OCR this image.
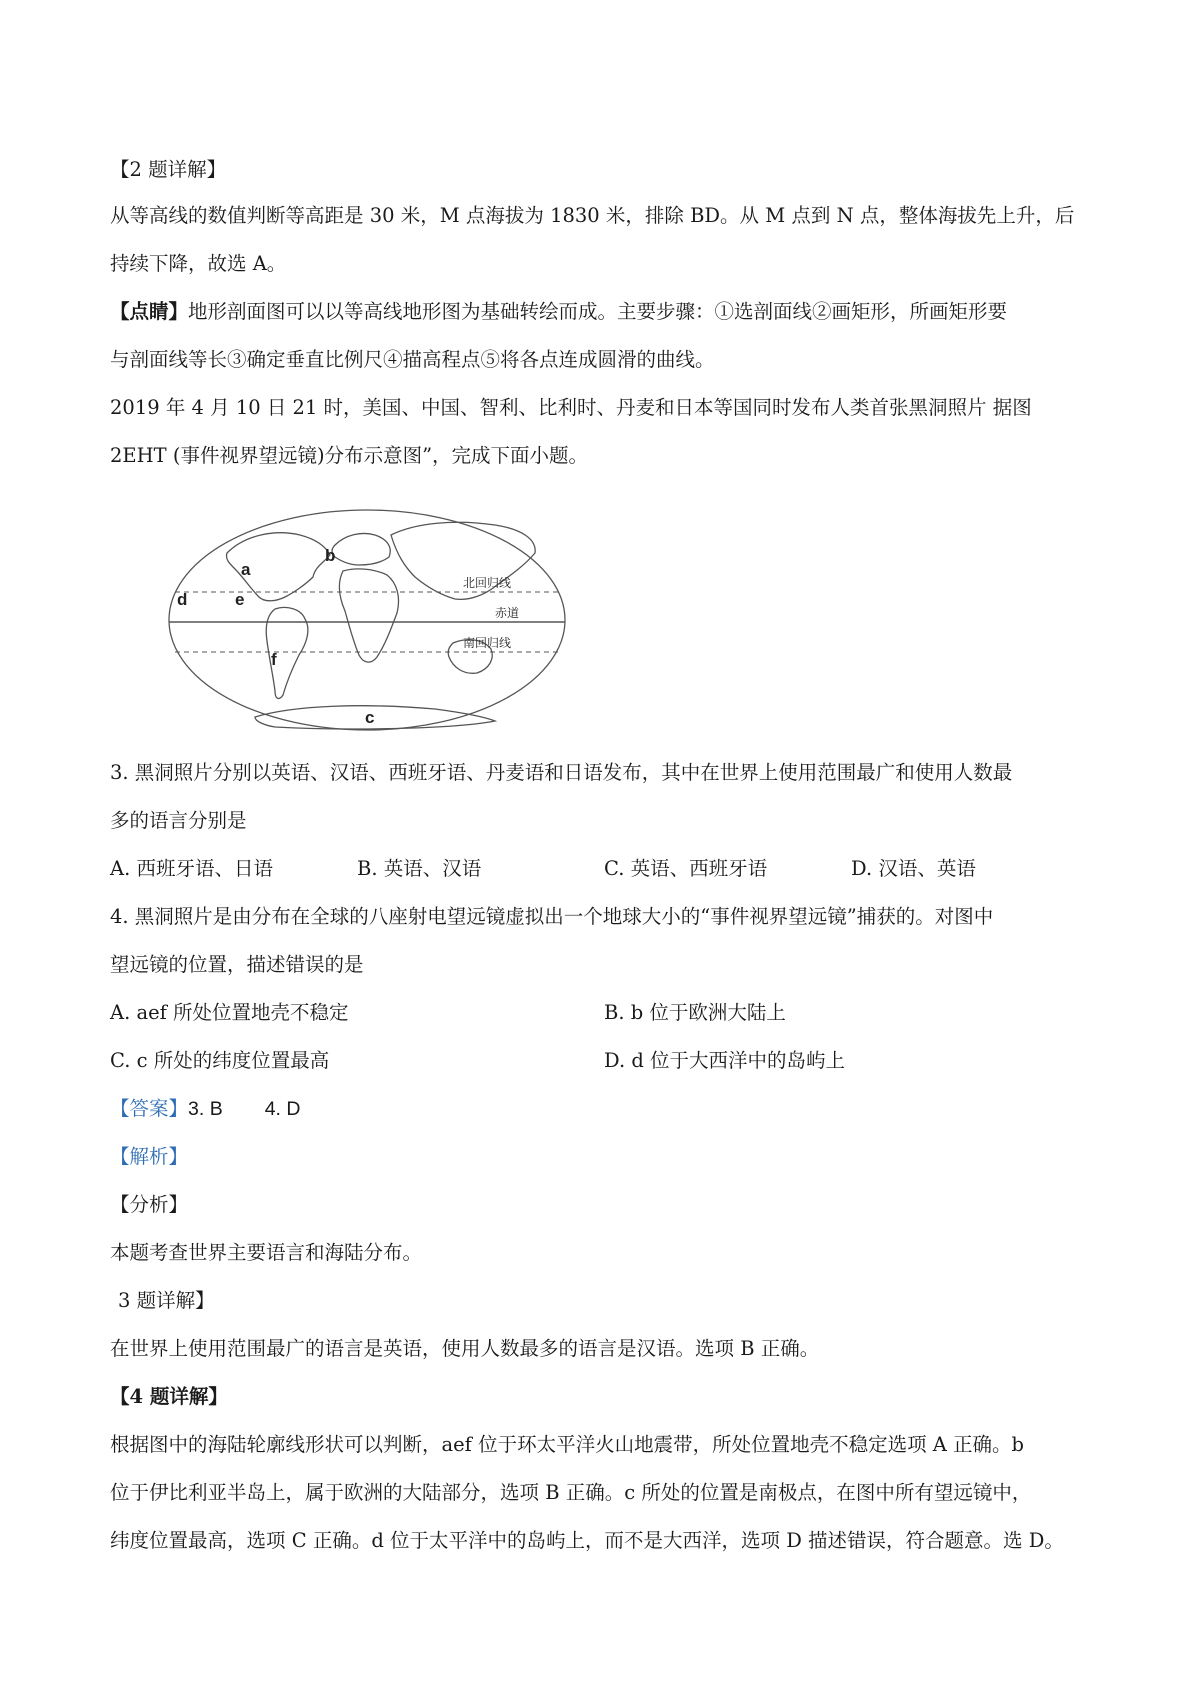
【2 题详解】
从等高线的数值判断等高距是 30 米，M 点海拔为 1830 米，排除 BD。从 M 点到 N 点，整体海拔先上升，后
持续下降，故选 A。
【点睛】地形剖面图可以以等高线地形图为基础转绘而成。主要步骤：①选剖面线②画矩形，所画矩形要
与剖面线等长③确定垂直比例尺④描高程点⑤将各点连成圆滑的曲线。
2019 年 4 月 10 日 21 时，美国、中国、智利、比利时、丹麦和日本等国同时发布人类首张黑洞照片 据图
2EHT (事件视界望远镜)分布示意图”，完成下面小题。
北回归线
赤道
南回归线
a
b
c
d	e
f
3. 黑洞照片分别以英语、汉语、西班牙语、丹麦语和日语发布，其中在世界上使用范围最广和使用人数最
多的语言分别是
A. 西班牙语、日语	B. 英语、汉语	C. 英语、西班牙语	D. 汉语、英语
4. 黑洞照片是由分布在全球的八座射电望远镜虚拟出一个地球大小的“事件视界望远镜”捕获的。对图中
望远镜的位置，描述错误的是
A. aef 所处位置地壳不稳定	B. b 位于欧洲大陆上
C. c 所处的纬度位置最高	D. d 位于大西洋中的岛屿上
【答案】3. B 4. D
【解析】
【分析】
本题考查世界主要语言和海陆分布。
3 题详解】
在世界上使用范围最广的语言是英语，使用人数最多的语言是汉语。选项 B 正确。
【4 题详解】
根据图中的海陆轮廓线形状可以判断，aef 位于环太平洋火山地震带，所处位置地壳不稳定选项 A 正确。b
位于伊比利亚半岛上，属于欧洲的大陆部分，选项 B 正确。c 所处的位置是南极点，在图中所有望远镜中，
纬度位置最高，选项 C 正确。d 位于太平洋中的岛屿上，而不是大西洋，选项 D 描述错误，符合题意。选 D。
